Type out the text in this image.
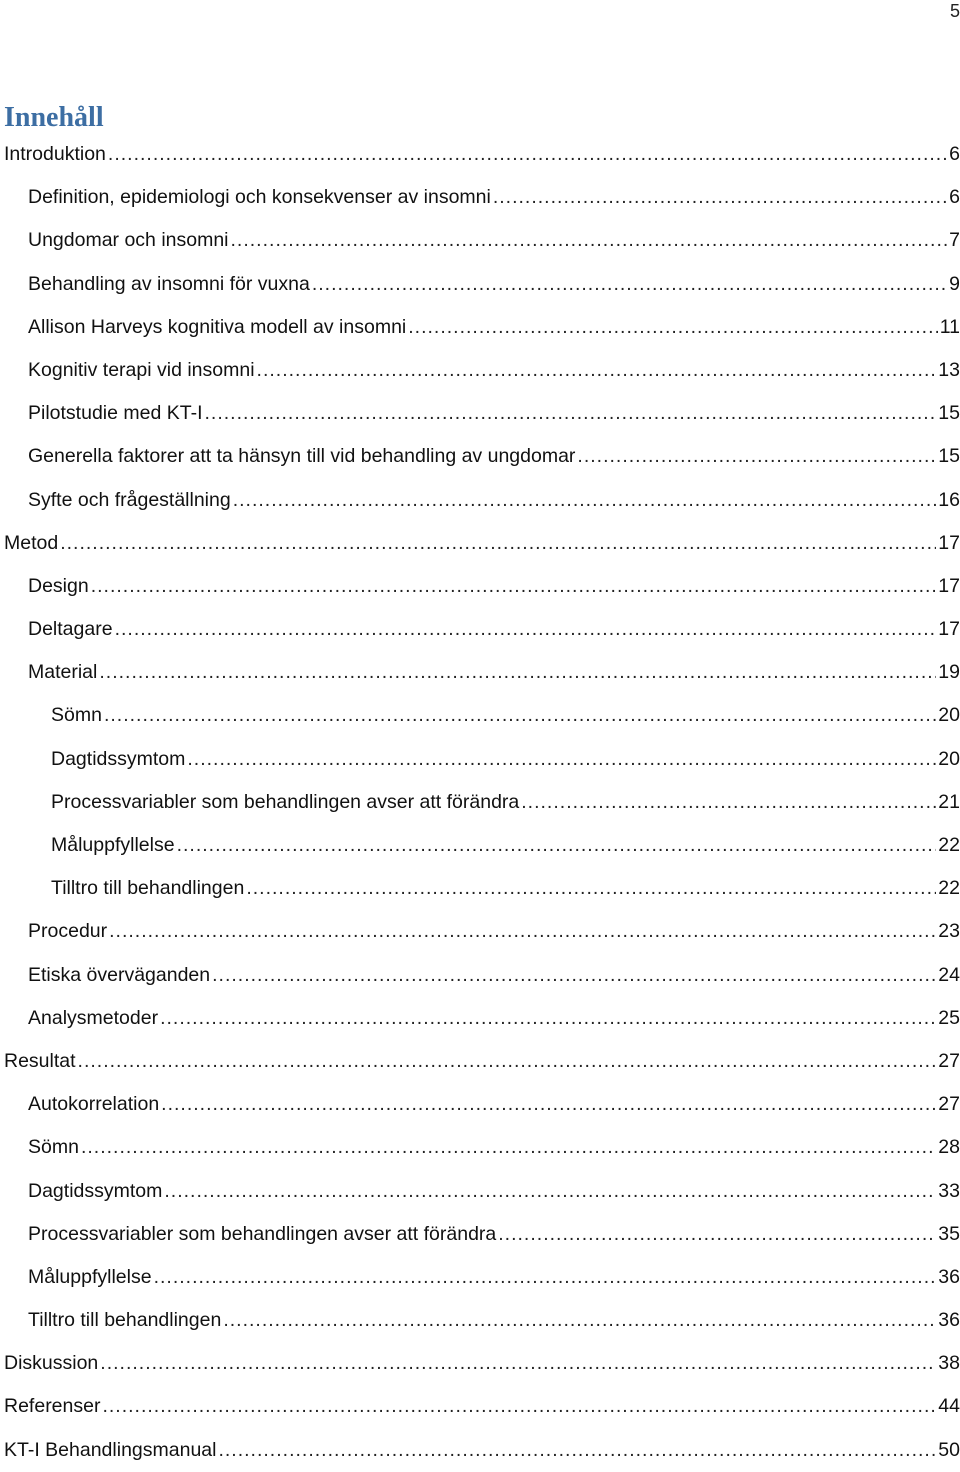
5
Innehåll
Introduktion .....	6
Definition, epidemiologi och konsekvenser av insomni .....	6
Ungdomar och insomni .....	7
Behandling av insomni för vuxna .....	9
Allison Harveys kognitiva modell av insomni .....	11
Kognitiv terapi vid insomni .....	13
Pilotstudie med KT-I .....	15
Generella faktorer att ta hänsyn till vid behandling av ungdomar .....	15
Syfte och frågeställning .....	16
Metod .....	17
Design .....	17
Deltagare .....	17
Material .....	19
Sömn .....	20
Dagtidssymtom .....	20
Processvariabler som behandlingen avser att förändra .....	21
Måluppfyllelse .....	22
Tilltro till behandlingen .....	22
Procedur .....	23
Etiska överväganden .....	24
Analysmetoder .....	25
Resultat .....	27
Autokorrelation .....	27
Sömn .....	28
Dagtidssymtom .....	33
Processvariabler som behandlingen avser att förändra .....	35
Måluppfyllelse .....	36
Tilltro till behandlingen .....	36
Diskussion .....	38
Referenser .....	44
KT-I Behandlingsmanual .....	50
